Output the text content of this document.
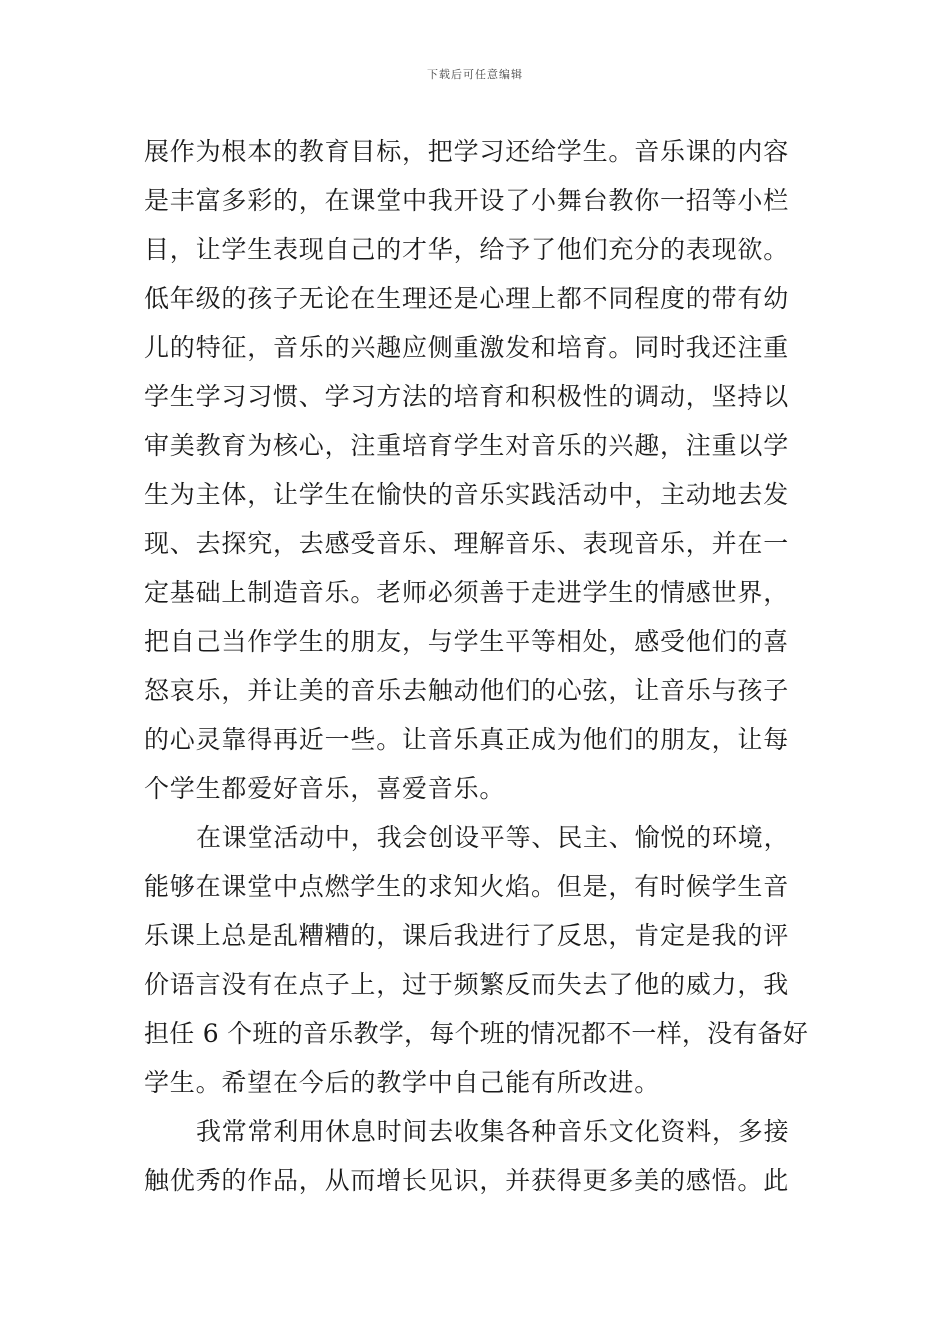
下载后可任意编辑
展作为根本的教育目标，把学习还给学生。音乐课的内容
是丰富多彩的，在课堂中我开设了小舞台教你一招等小栏
目，让学生表现自己的才华，给予了他们充分的表现欲。
低年级的孩子无论在生理还是心理上都不同程度的带有幼
儿的特征，音乐的兴趣应侧重激发和培育。同时我还注重
学生学习习惯、学习方法的培育和积极性的调动，坚持以
审美教育为核心，注重培育学生对音乐的兴趣，注重以学
生为主体，让学生在愉快的音乐实践活动中，主动地去发
现、去探究，去感受音乐、理解音乐、表现音乐，并在一
定基础上制造音乐。老师必须善于走进学生的情感世界，
把自己当作学生的朋友，与学生平等相处，感受他们的喜
怒哀乐，并让美的音乐去触动他们的心弦，让音乐与孩子
的心灵靠得再近一些。让音乐真正成为他们的朋友，让每
个学生都爱好音乐，喜爱音乐。
在课堂活动中，我会创设平等、民主、愉悦的环境，
能够在课堂中点燃学生的求知火焰。但是，有时候学生音
乐课上总是乱糟糟的，课后我进行了反思，肯定是我的评
价语言没有在点子上，过于频繁反而失去了他的威力，我
担任 6 个班的音乐教学，每个班的情况都不一样，没有备好
学生。希望在今后的教学中自己能有所改进。
我常常利用休息时间去收集各种音乐文化资料，多接
触优秀的作品，从而增长见识，并获得更多美的感悟。此
